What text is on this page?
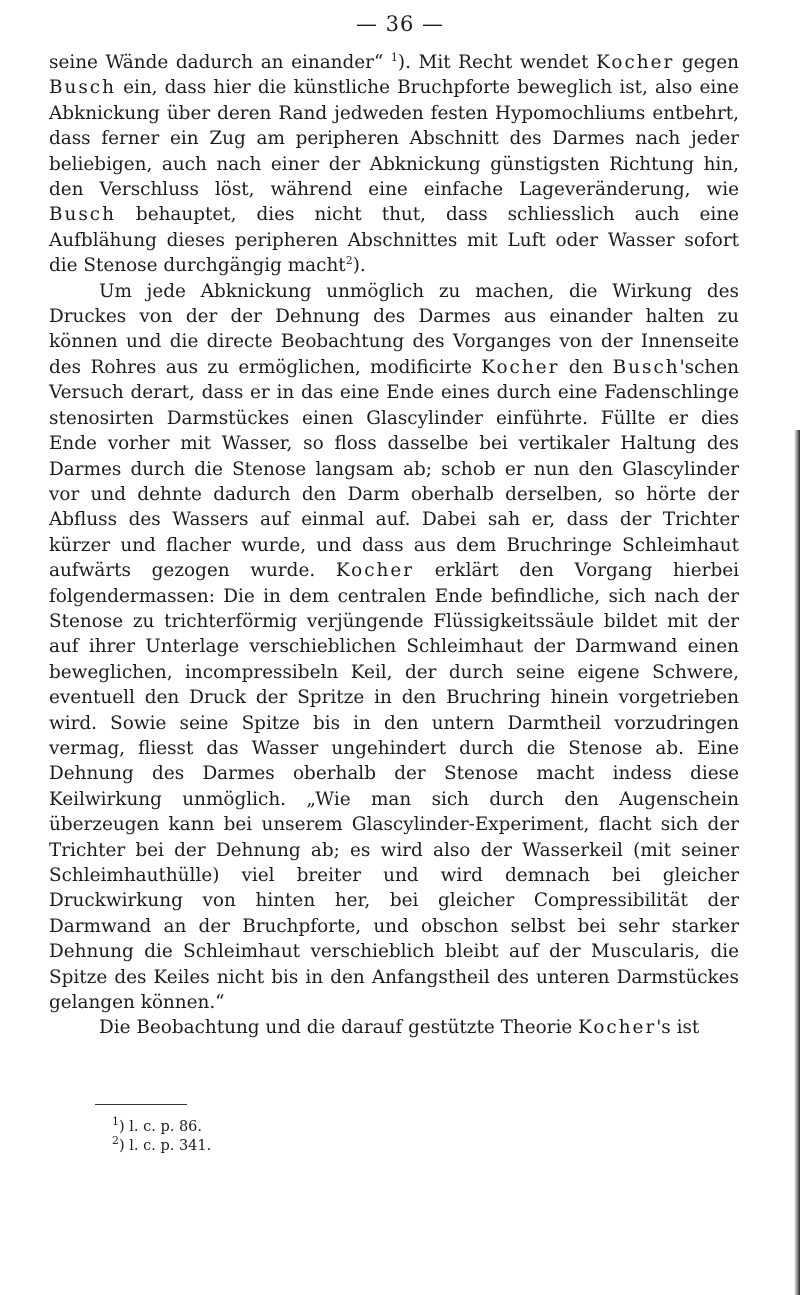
— 36 —

seine Wände dadurch an einander“ $^1$). Mit Recht wendet Kocher gegen Busch ein, dass hier die künstliche Bruchpforte beweglich ist, also eine Abknickung über deren Rand jedweden festen Hypomochliums entbehrt, dass ferner ein Zug am peripheren Abschnitt des Darmes nach jeder beliebigen, auch nach einer der Abknickung günstigsten Richtung hin, den Verschluss löst, während eine einfache Lageveränderung, wie Busch behauptet, dies nicht thut, dass schliesslich auch eine Aufblähung dieses peripheren Abschnittes mit Luft oder Wasser sofort die Stenose durchgängig macht$^2$).

Um jede Abknickung unmöglich zu machen, die Wirkung des Druckes von der der Dehnung des Darmes aus einander halten zu können und die directe Beobachtung des Vorganges von der Innenseite des Rohres aus zu ermöglichen, modificirte Kocher den Busch'schen Versuch derart, dass er in das eine Ende eines durch eine Fadenschlinge stenosirten Darmstückes einen Glascylinder einführte. Füllte er dies Ende vorher mit Wasser, so floss dasselbe bei vertikaler Haltung des Darmes durch die Stenose langsam ab; schob er nun den Glascylinder vor und dehnte dadurch den Darm oberhalb derselben, so hörte der Abfluss des Wassers auf einmal auf. Dabei sah er, dass der Trichter kürzer und flacher wurde, und dass aus dem Bruchringe Schleimhaut aufwärts gezogen wurde. Kocher erklärt den Vorgang hierbei folgendermassen: Die in dem centralen Ende befindliche, sich nach der Stenose zu trichterförmig verjüngende Flüssigkeitssäule bildet mit der auf ihrer Unterlage verschieblichen Schleimhaut der Darmwand einen beweglichen, incompressibeln Keil, der durch seine eigene Schwere, eventuell den Druck der Spritze in den Bruchring hinein vorgetrieben wird. Sowie seine Spitze bis in den untern Darmtheil vorzudringen vermag, fliesst das Wasser ungehindert durch die Stenose ab. Eine Dehnung des Darmes oberhalb der Stenose macht indess diese Keilwirkung unmöglich. „Wie man sich durch den Augenschein überzeugen kann bei unserem Glascylinder-Experiment, flacht sich der Trichter bei der Dehnung ab; es wird also der Wasserkeil (mit seiner Schleimhauthülle) viel breiter und wird demnach bei gleicher Druckwirkung von hinten her, bei gleicher Compressibilität der Darmwand an der Bruchpforte, und obschon selbst bei sehr starker Dehnung die Schleimhaut verschieblich bleibt auf der Muscularis, die Spitze des Keiles nicht bis in den Anfangstheil des unteren Darmstückes gelangen können.“

Die Beobachtung und die darauf gestützte Theorie Kocher's ist

$^1$) l. c. p. 86.
$^2$) l. c. p. 341.
